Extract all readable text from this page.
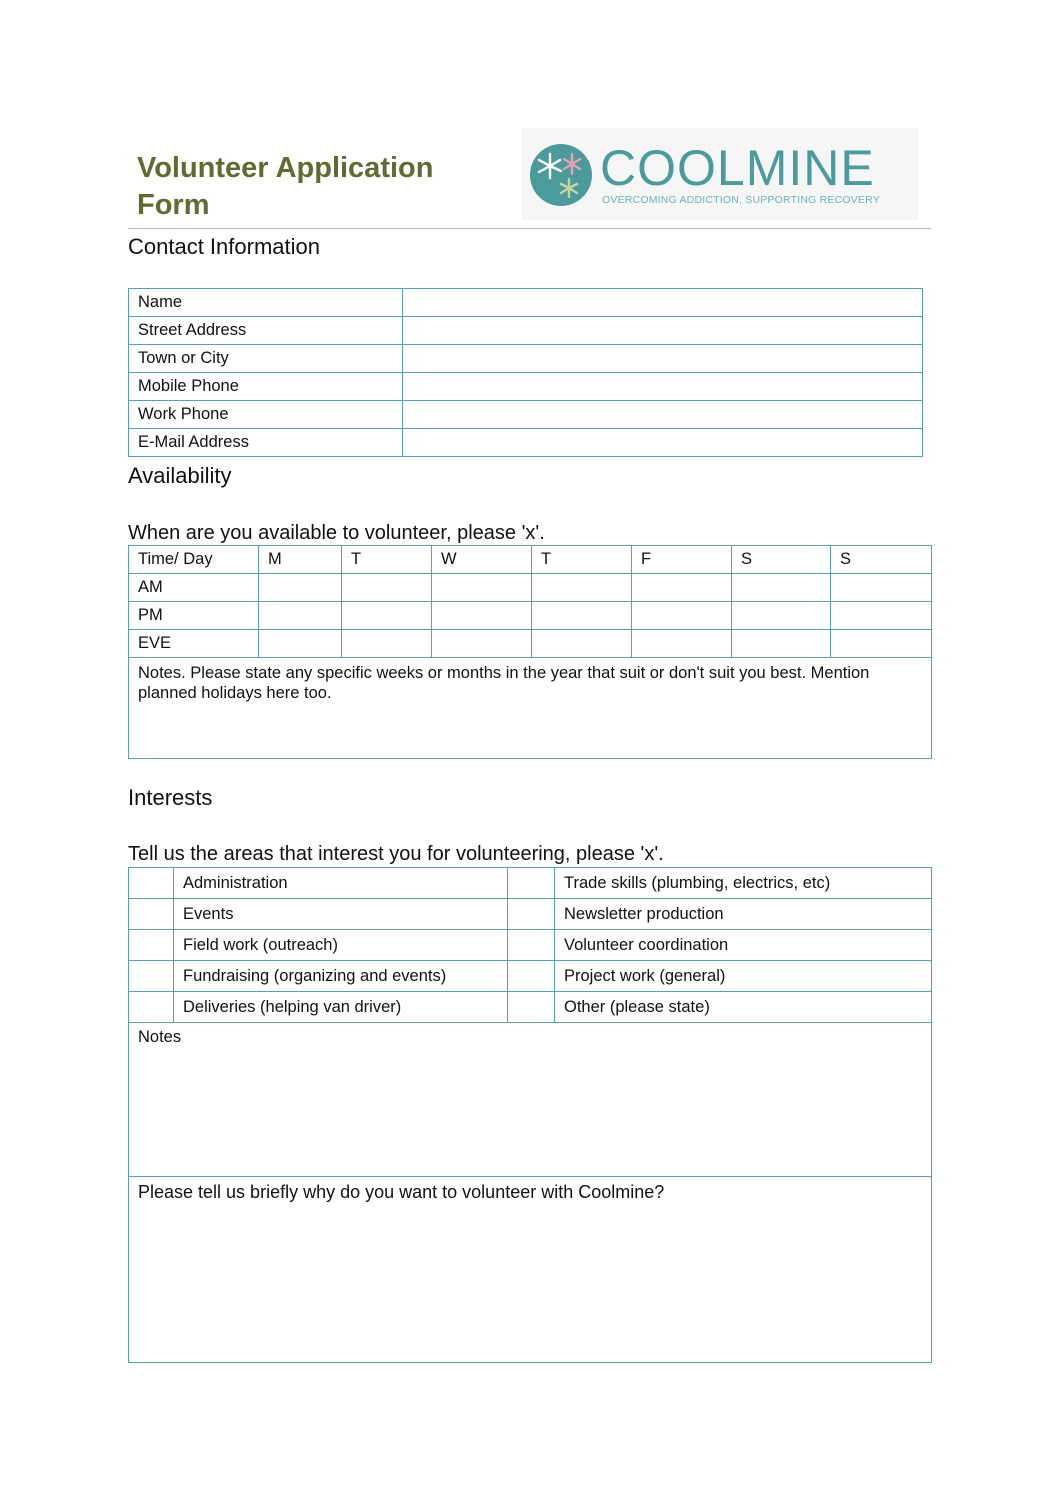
Volunteer Application Form
COOLMINE
OVERCOMING ADDICTION, SUPPORTING RECOVERY
Contact Information
Name	
Street Address	
Town or City	
Mobile Phone	
Work Phone	
E-Mail Address	
Availability
When are you available to volunteer, please 'x'.
Time/ Day	M	T	W	T	F	S	S
AM							
PM							
EVE							
Notes. Please state any specific weeks or months in the year that suit or don't suit you best. Mention planned holidays here too.							
Interests
Tell us the areas that interest you for volunteering, please 'x'.
	Administration		Trade skills (plumbing, electrics, etc)
	Events		Newsletter production
	Field work (outreach)		Volunteer coordination
	Fundraising (organizing and events)		Project work (general)
	Deliveries (helping van driver)		Other (please state)
Notes			
Please tell us briefly why do you want to volunteer with Coolmine?			
